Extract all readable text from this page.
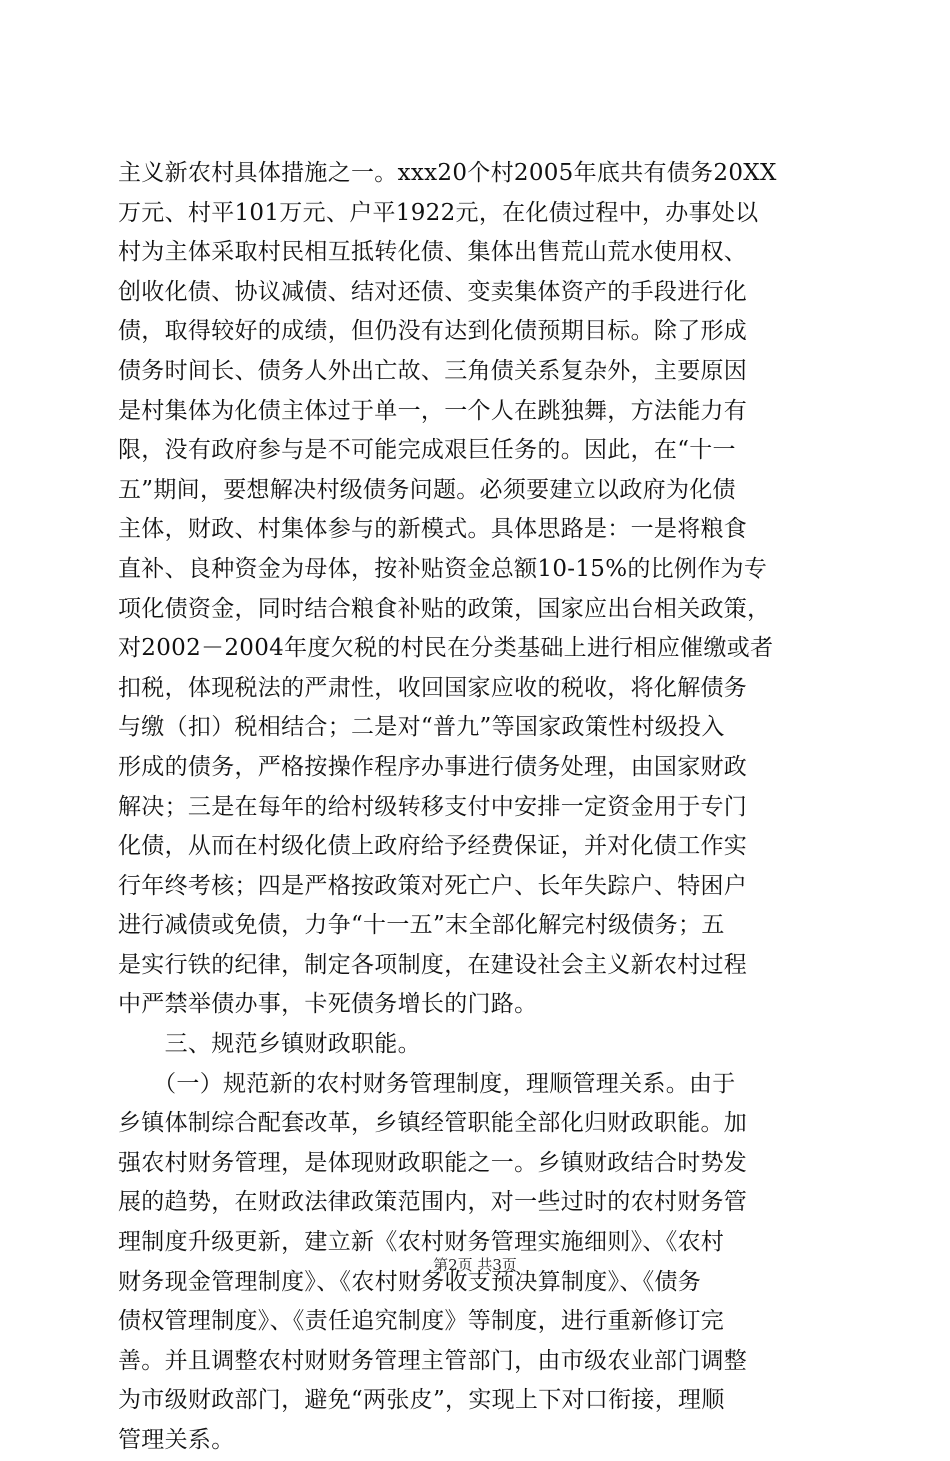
主义新农村具体措施之一。xxx20个村2005年底共有债务20XX
万元、村平101万元、户平1922元，在化债过程中，办事处以
村为主体采取村民相互抵转化债、集体出售荒山荒水使用权、
创收化债、协议减债、结对还债、变卖集体资产的手段进行化
债，取得较好的成绩，但仍没有达到化债预期目标。除了形成
债务时间长、债务人外出亡故、三角债关系复杂外，主要原因
是村集体为化债主体过于单一，一个人在跳独舞，方法能力有
限，没有政府参与是不可能完成艰巨任务的。因此，在“十一
五”期间，要想解决村级债务问题。必须要建立以政府为化债
主体，财政、村集体参与的新模式。具体思路是：一是将粮食
直补、良种资金为母体，按补贴资金总额10-15%的比例作为专
项化债资金，同时结合粮食补贴的政策，国家应出台相关政策，
对2002－2004年度欠税的村民在分类基础上进行相应催缴或者
扣税，体现税法的严肃性，收回国家应收的税收，将化解债务
与缴（扣）税相结合；二是对“普九”等国家政策性村级投入
形成的债务，严格按操作程序办事进行债务处理，由国家财政
解决；三是在每年的给村级转移支付中安排一定资金用于专门
化债，从而在村级化债上政府给予经费保证，并对化债工作实
行年终考核；四是严格按政策对死亡户、长年失踪户、特困户
进行减债或免债，力争“十一五”末全部化解完村级债务；五
是实行铁的纪律，制定各项制度，在建设社会主义新农村过程
中严禁举债办事，卡死债务增长的门路。
　　三、规范乡镇财政职能。
　　（一）规范新的农村财务管理制度，理顺管理关系。由于
乡镇体制综合配套改革，乡镇经管职能全部化归财政职能。加
强农村财务管理，是体现财政职能之一。乡镇财政结合时势发
展的趋势，在财政法律政策范围内，对一些过时的农村财务管
理制度升级更新，建立新《农村财务管理实施细则》、《农村
财务现金管理制度》、《农村财务收支预决算制度》、《债务
债权管理制度》、《责任追究制度》等制度，进行重新修订完
善。并且调整农村财财务管理主管部门，由市级农业部门调整
为市级财政部门，避免“两张皮”，实现上下对口衔接，理顺
管理关系。
第2页 共3页
